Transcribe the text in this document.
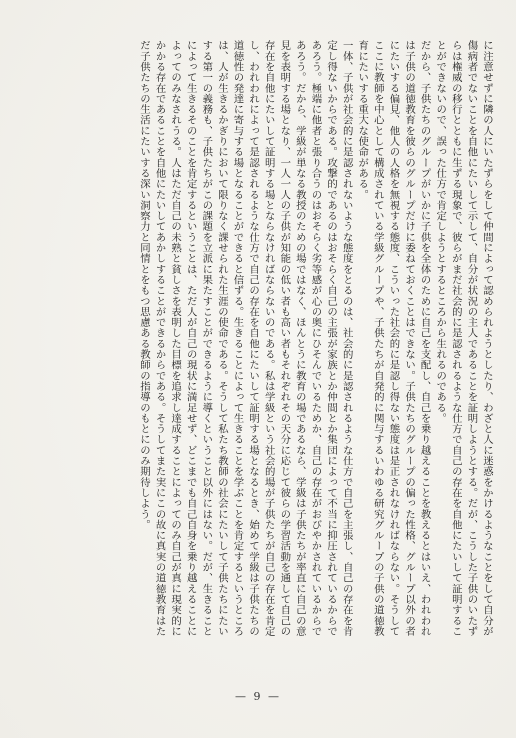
に注意せずに隣の人にいたずらをして仲間によって認められようとしたり、わざと人に迷惑をかけるようなことをして自分が傷病者でないことを自他にたいして示して、自分が状況の主人であることを証明しようとする。だが、こうした子供のいたずらは権威の移行とともに生ずる現象で、彼らがまだ社会的に是認されるような仕方で自己の存在を自他にたいして証明することができないので、誤った仕方で肯定しようとするところから生れるのである。

だから、子供たちのグループがいかに子供を全体のために自己を支配し、自己を乗り越えることを教えるとはいえ、われわれは子供の道徳教育を彼らのグループだけに委ねておくことはできない。子供たちのグループの偏った性格、グループ以外の者にたいする偏見、他人の人格を無視する態度、こういった社会的に是認し得ない態度は是正されなければならない。そうしてここに教師を中心として構成されている学級グループや、子供たちが自発的に関与するいわゆる研究グループの子供の道徳教育にたいする重大な使命がある。

一体、子供が社会的に是認されないような態度をとるのは、社会的に是認されるような仕方で自己を主張し、自己の存在を肯定し得ないからである。攻撃的であるのはおそらく自己の主張が家族とか仲間とか集団によって不当に抑圧されているからであろう。極端に他者と張り合うのはおそらく劣等感が心の奥にひそんでいるためか、自己の存在がおびやかされているからであろう。だから、学級が単なる教授のための場ではなく、ほんとうに教育の場であるなら、学級は子供たちが率直に自己の意見を表明する場となり、一人一人の子供が知能の低い者も高い者もそれぞれその天分に応じて彼らの学習活動を通して自己の存在を自他にたいして証明する場とならなければならないのである。私は学級という社会的場が子供たちが自己の存在を肯定し、われわれによって是認されるような仕方で自己の存在を自他にたいして証明する場となるとき、始めて学級は子供たちの道徳性の発達に寄与する場となることができると信ずる。生きることによって生きることを学ぶことを肯定するというところは、人が生きるかぎりにおいて限りなく課せられた生涯の使命である。そうして私たち教師の社会にたいして子供たちにたいする第一の義務も、子供たちがこの課題を立派に果たすことができるように導くということ以外にはない。だが、生きることによって生きるそのことを肯定するということは、ただ人が自己の現状に満足せず、どこまでも自己自身を乗り越えることによってのみなされうる。人はただ自己の未熟と貧しさを表明した目標を追求し達成することによってのみ自己が真に現実的にかかる存在であることを自他にたいしてあかしすることができるからである。そうしてまた実にこの故に真実の道徳教育はただ子供たちの生活にたいする深い洞察力と同情とをもつ思慮ある教師の指導のもとにのみ期待しよう。

— 9 —
